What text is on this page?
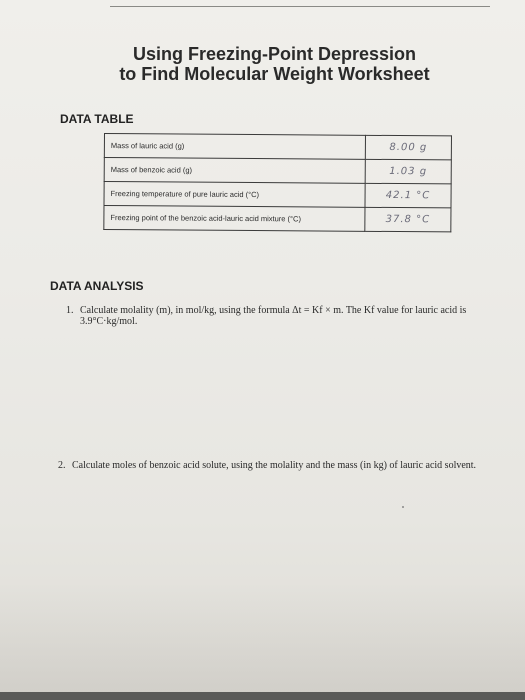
Using Freezing-Point Depression
to Find Molecular Weight Worksheet
DATA TABLE
Mass of lauric acid (g)	8.00 g
Mass of benzoic acid (g)	1.03 g
Freezing temperature of pure lauric acid (°C)	42.1 °C
Freezing point of the benzoic acid-lauric acid mixture (°C)	37.8 °C
DATA ANALYSIS
1. Calculate molality (m), in mol/kg, using the formula Δt = Kf × m. The Kf value for lauric acid is 3.9°C·kg/mol.
2. Calculate moles of benzoic acid solute, using the molality and the mass (in kg) of lauric acid solvent.
